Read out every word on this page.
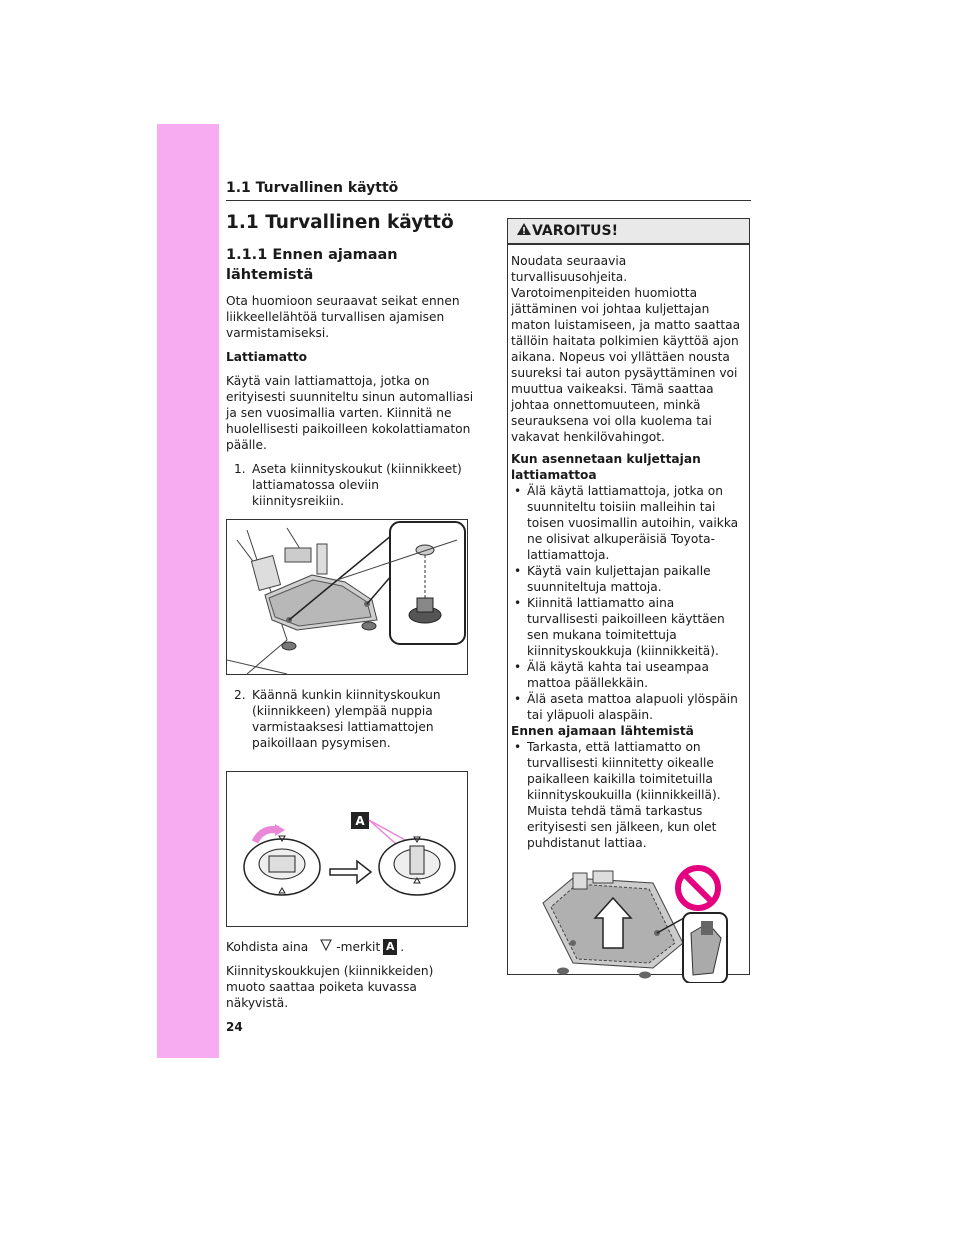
1.1 Turvallinen käyttö
1.1 Turvallinen käyttö
1.1.1 Ennen ajamaan lähtemistä
Ota huomioon seuraavat seikat ennen liikkeellelähtöä turvallisen ajamisen varmistamiseksi.
Lattiamatto
Käytä vain lattiamattoja, jotka on erityisesti suunniteltu sinun automalliasi ja sen vuosimallia varten. Kiinnitä ne huolellisesti paikoilleen kokolattiamaton päälle.
1. Aseta kiinnityskoukut (kiinnikkeet) lattiamatossa oleviin kiinnitysreikiin.
2. Käännä kunkin kiinnityskoukun (kiinnikkeen) ylempää nuppia varmistaaksesi lattiamattojen paikoillaan pysymisen.
A
Kohdista aina -merkit A .
Kiinnityskoukkujen (kiinnikkeiden) muoto saattaa poiketa kuvassa näkyvistä.
VAROITUS!
Noudata seuraavia turvallisuusohjeita. Varotoimenpiteiden huomiotta jättäminen voi johtaa kuljettajan maton luistamiseen, ja matto saattaa tällöin haitata polkimien käyttöä ajon aikana. Nopeus voi yllättäen nousta suureksi tai auton pysäyttäminen voi muuttua vaikeaksi. Tämä saattaa johtaa onnettomuuteen, minkä seurauksena voi olla kuolema tai vakavat henkilövahingot.
Kun asennetaan kuljettajan lattiamattoa
• Älä käytä lattiamattoja, jotka on suunniteltu toisiin malleihin tai toisen vuosimallin autoihin, vaikka ne olisivat alkuperäisiä Toyota-lattiamattoja.
• Käytä vain kuljettajan paikalle suunniteltuja mattoja.
• Kiinnitä lattiamatto aina turvallisesti paikoilleen käyttäen sen mukana toimitettuja kiinnityskoukkuja (kiinnikkeitä).
• Älä käytä kahta tai useampaa mattoa päällekkäin.
• Älä aseta mattoa alapuoli ylöspäin tai yläpuoli alaspäin.
Ennen ajamaan lähtemistä
• Tarkasta, että lattiamatto on turvallisesti kiinnitetty oikealle paikalleen kaikilla toimitetuilla kiinnityskoukuilla (kiinnikkeillä). Muista tehdä tämä tarkastus erityisesti sen jälkeen, kun olet puhdistanut lattiaa.
24
